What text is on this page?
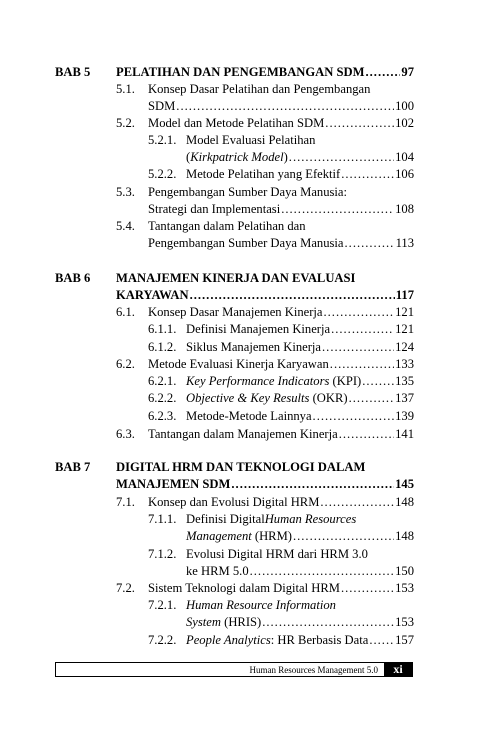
BAB 5 PELATIHAN DAN PENGEMBANGAN SDM .....	97
5.1. Konsep Dasar Pelatihan dan Pengembangan
SDM .....	100
5.2. Model dan Metode Pelatihan SDM .....	102
5.2.1. Model Evaluasi Pelatihan
(Kirkpatrick Model) .....	104
5.2.2. Metode Pelatihan yang Efektif .....	106
5.3. Pengembangan Sumber Daya Manusia:
Strategi dan Implementasi .....	108
5.4. Tantangan dalam Pelatihan dan
Pengembangan Sumber Daya Manusia .....	113
BAB 6 MANAJEMEN KINERJA DAN EVALUASI
KARYAWAN .....	117
6.1. Konsep Dasar Manajemen Kinerja .....	121
6.1.1. Definisi Manajemen Kinerja .....	121
6.1.2. Siklus Manajemen Kinerja .....	124
6.2. Metode Evaluasi Kinerja Karyawan .....	133
6.2.1. Key Performance Indicators (KPI) .....	135
6.2.2. Objective & Key Results (OKR) .....	137
6.2.3. Metode-Metode Lainnya .....	139
6.3. Tantangan dalam Manajemen Kinerja .....	141
BAB 7 DIGITAL HRM DAN TEKNOLOGI DALAM
MANAJEMEN SDM .....	145
7.1. Konsep dan Evolusi Digital HRM .....	148
7.1.1. Definisi Digital Human Resources
Management (HRM) .....	148
7.1.2. Evolusi Digital HRM dari HRM 3.0
ke HRM 5.0 .....	150
7.2. Sistem Teknologi dalam Digital HRM .....	153
7.2.1. Human Resource Information
System (HRIS) .....	153
7.2.2. People Analytics: HR Berbasis Data ..... 157
Human Resources Management 5.0	xi
